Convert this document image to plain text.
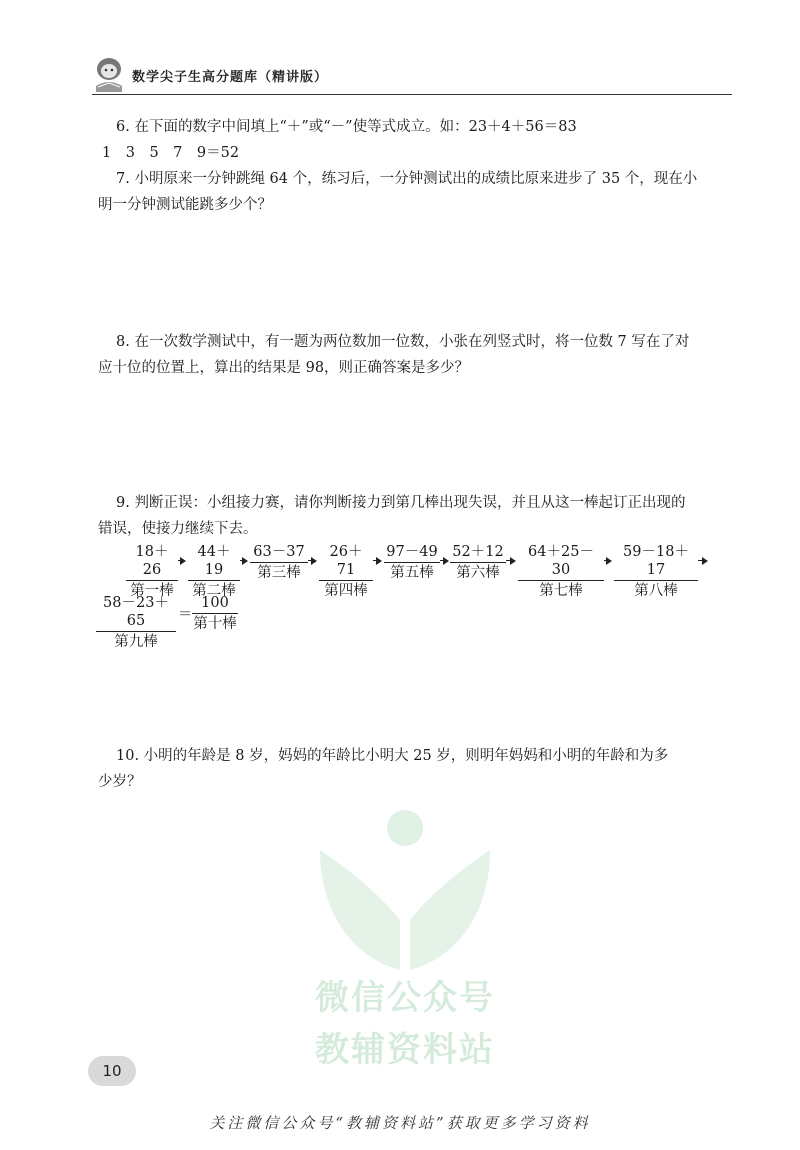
数学尖子生高分题库（精讲版）
6. 在下面的数字中间填上“＋”或“－”使等式成立。如：23＋4＋56＝83
1　3　5　7　9＝52
7. 小明原来一分钟跳绳 64 个，练习后，一分钟测试出的成绩比原来进步了 35 个，现在小
明一分钟测试能跳多少个？
8. 在一次数学测试中，有一题为两位数加一位数，小张在列竖式时，将一位数 7 写在了对
应十位的位置上，算出的结果是 98，则正确答案是多少？
9. 判断正误：小组接力赛，请你判断接力到第几棒出现失误，并且从这一棒起订正出现的
错误，使接力继续下去。
18＋26
第一棒
44＋19
第二棒
63－37
第三棒
26＋71
第四棒
97－49
第五棒
52＋12
第六棒
64＋25－30
第七棒
59－18＋17
第八棒
58－23＋65
第九棒
＝
100
第十棒
10. 小明的年龄是 8 岁，妈妈的年龄比小明大 25 岁，则明年妈妈和小明的年龄和为多
少岁？
微信公众号
教辅资料站
10
关注微信公众号“教辅资料站”获取更多学习资料
